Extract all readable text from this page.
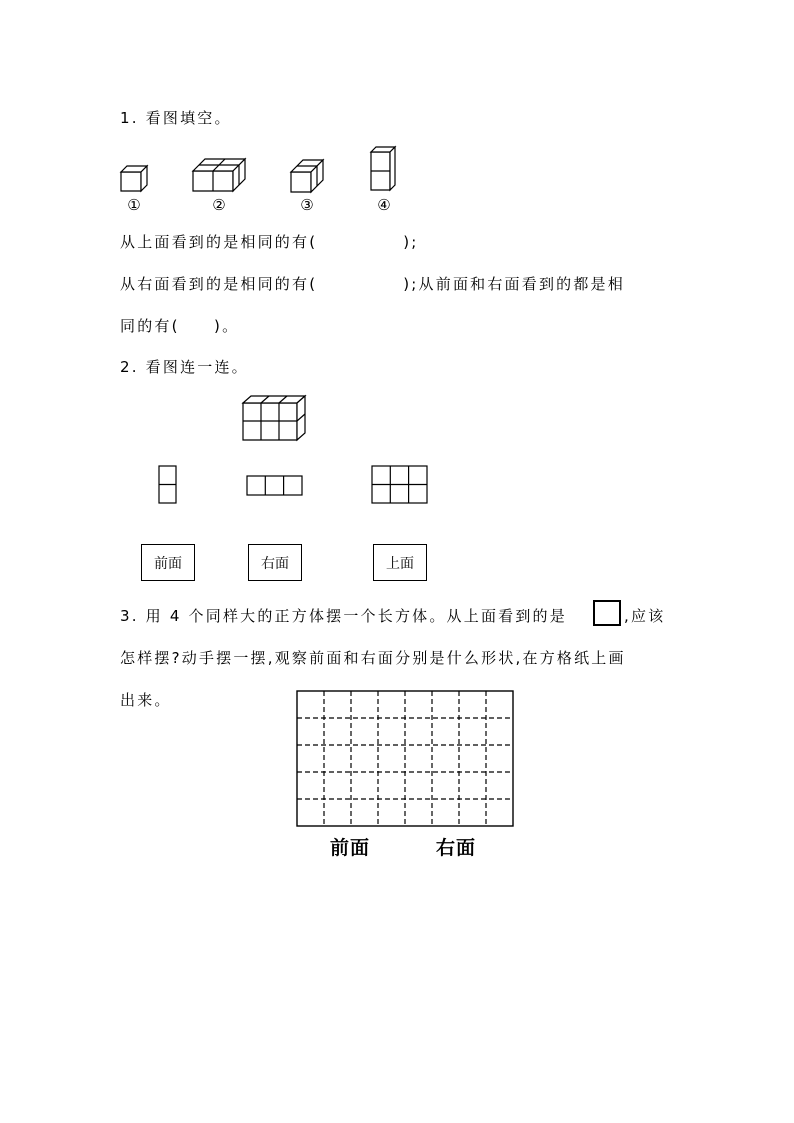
1. 看图填空。
①	②	③	④
从上面看到的是相同的有(　　　　　);
从右面看到的是相同的有(　　　　　);从前面和右面看到的都是相
同的有(　　)。
2. 看图连一连。
前面	右面	上面
3. 用 4 个同样大的正方体摆一个长方体。从上面看到的是	,应该
怎样摆?动手摆一摆,观察前面和右面分别是什么形状,在方格纸上画
出来。
前面	右面
